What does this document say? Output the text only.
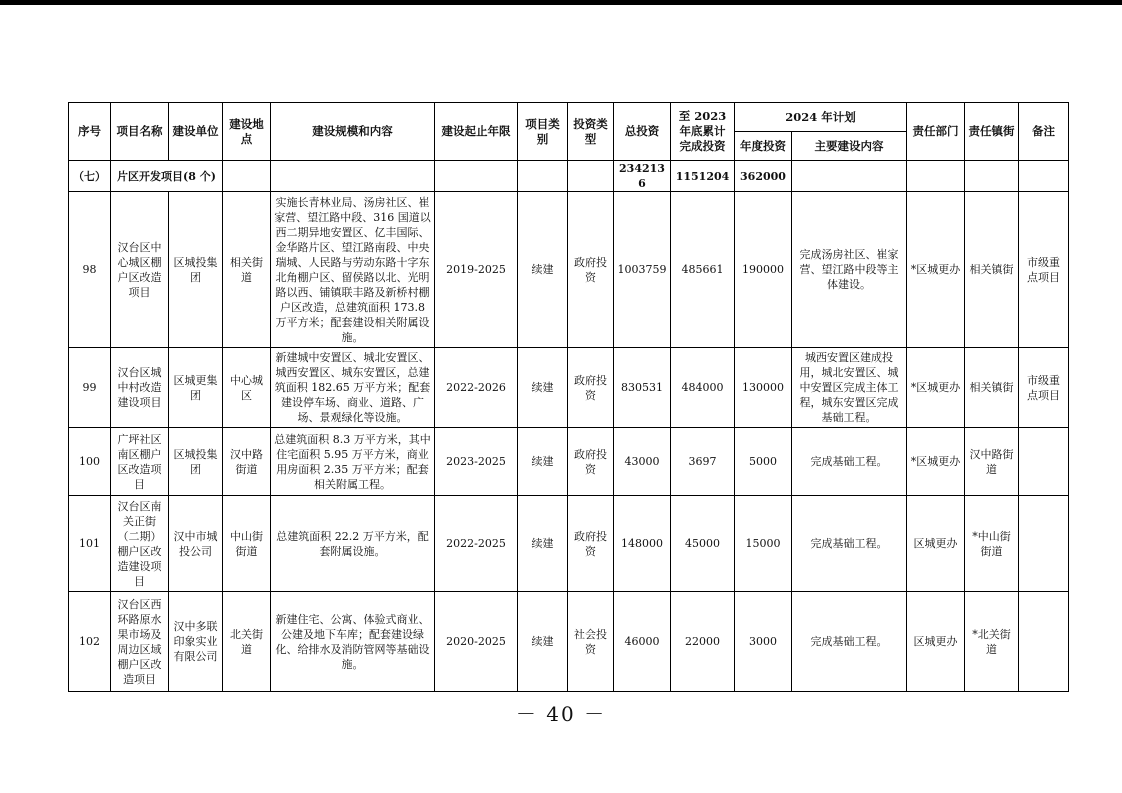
序号	项目名称	建设单位	建设地点	建设规模和内容	建设起止年限	项目类别	投资类型	总投资	至 2023 年底累计完成投资	2024 年计划		责任部门	责任镇街	备注
										年度投资	主要建设内容			
（七）	片区开发项目(8 个)							2342136	1151204	362000				
98	汉台区中心城区棚户区改造项目	区城投集团	相关街道	实施长青林业局、汤房社区、崔家营、望江路中段、316 国道以西二期异地安置区、亿丰国际、金华路片区、望江路南段、中央瑞城、人民路与劳动东路十字东北角棚户区、留侯路以北、光明路以西、铺镇联丰路及新桥村棚户区改造，总建筑面积 173.8 万平方米；配套建设相关附属设施。	2019-2025	续建	政府投资	1003759	485661	190000	完成汤房社区、崔家营、望江路中段等主体建设。	*区城更办	相关镇街	市级重点项目
99	汉台区城中村改造建设项目	区城更集团	中心城区	新建城中安置区、城北安置区、城西安置区、城东安置区，总建筑面积 182.65 万平方米；配套建设停车场、商业、道路、广场、景观绿化等设施。	2022-2026	续建	政府投资	830531	484000	130000	城西安置区建成投用，城北安置区、城中安置区完成主体工程，城东安置区完成基础工程。	*区城更办	相关镇街	市级重点项目
100	广坪社区南区棚户区改造项目	区城投集团	汉中路街道	总建筑面积 8.3 万平方米，其中住宅面积 5.95 万平方米，商业用房面积 2.35 万平方米；配套相关附属工程。	2023-2025	续建	政府投资	43000	3697	5000	完成基础工程。	*区城更办	汉中路街道	
101	汉台区南关正街（二期）棚户区改造建设项目	汉中市城投公司	中山街街道	总建筑面积 22.2 万平方米，配套附属设施。	2022-2025	续建	政府投资	148000	45000	15000	完成基础工程。	区城更办	*中山街街道	
102	汉台区西环路原水果市场及周边区域棚户区改造项目	汉中多联印象实业有限公司	北关街道	新建住宅、公寓、体验式商业、公建及地下车库；配套建设绿化、给排水及消防管网等基础设施。	2020-2025	续建	社会投资	46000	22000	3000	完成基础工程。	区城更办	*北关街道	
－ 40 －
